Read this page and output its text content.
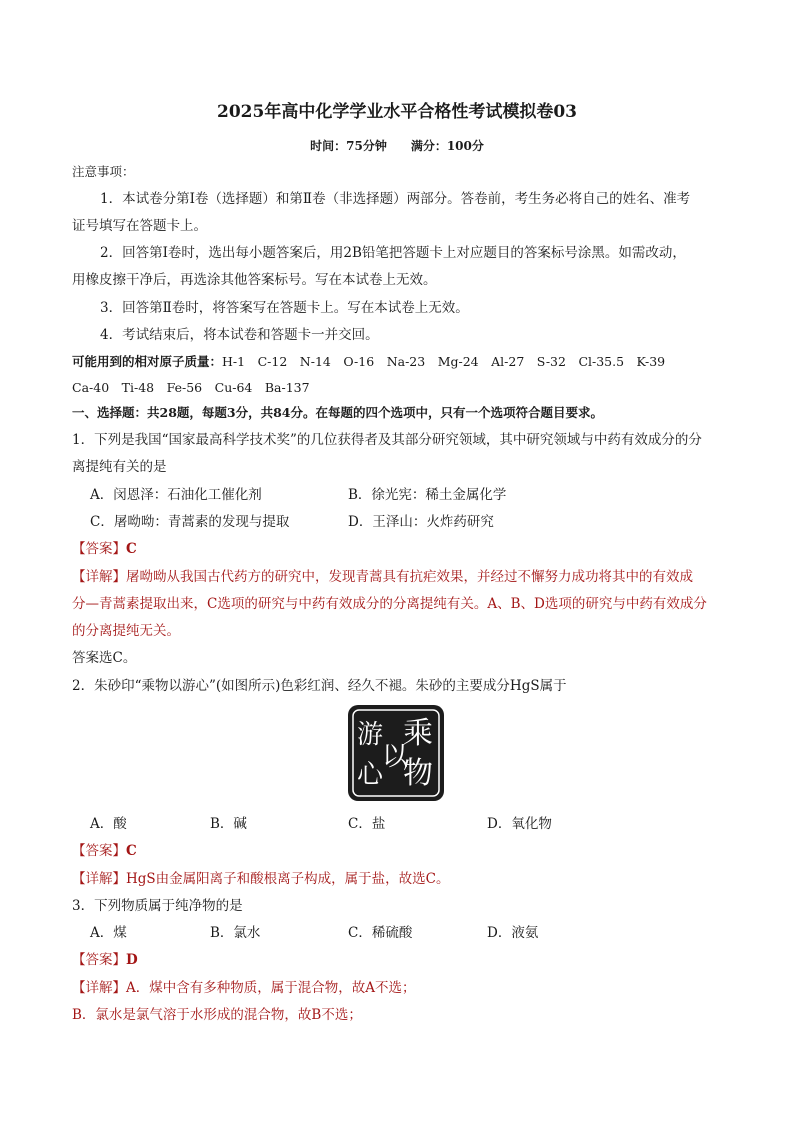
2025年高中化学学业水平合格性考试模拟卷03
时间：75分钟　　满分：100分
注意事项：
1．本试卷分第Ⅰ卷（选择题）和第Ⅱ卷（非选择题）两部分。答卷前，考生务必将自己的姓名、准考
证号填写在答题卡上。
2．回答第Ⅰ卷时，选出每小题答案后，用2B铅笔把答题卡上对应题目的答案标号涂黑。如需改动，
用橡皮擦干净后，再选涂其他答案标号。写在本试卷上无效。
3．回答第Ⅱ卷时，将答案写在答题卡上。写在本试卷上无效。
4．考试结束后，将本试卷和答题卡一并交回。
可能用到的相对原子质量：H-1　C-12　N-14　O-16　Na-23　Mg-24　Al-27　S-32　Cl-35.5　K-39
Ca-40　Ti-48　Fe-56　Cu-64　Ba-137
一、选择题：共28题，每题3分，共84分。在每题的四个选项中，只有一个选项符合题目要求。
1．下列是我国“国家最高科学技术奖”的几位获得者及其部分研究领域，其中研究领域与中药有效成分的分
离提纯有关的是
A．闵恩泽：石油化工催化剂	B．徐光宪：稀土金属化学
C．屠呦呦：青蒿素的发现与提取	D．王泽山：火炸药研究
【答案】C
【详解】屠呦呦从我国古代药方的研究中，发现青蒿具有抗疟效果，并经过不懈努力成功将其中的有效成
分—青蒿素提取出来，C选项的研究与中药有效成分的分离提纯有关。A、B、D选项的研究与中药有效成分
的分离提纯无关。
答案选C。
2．朱砂印“乘物以游心”(如图所示)色彩红润、经久不褪。朱砂的主要成分HgS属于
乘
物
以
游
心
A．酸	B．碱	C．盐	D．氧化物
【答案】C
【详解】HgS由金属阳离子和酸根离子构成，属于盐，故选C。
3．下列物质属于纯净物的是
A．煤	B．氯水	C．稀硫酸	D．液氨
【答案】D
【详解】A．煤中含有多种物质，属于混合物，故A不选；
B．氯水是氯气溶于水形成的混合物，故B不选；
